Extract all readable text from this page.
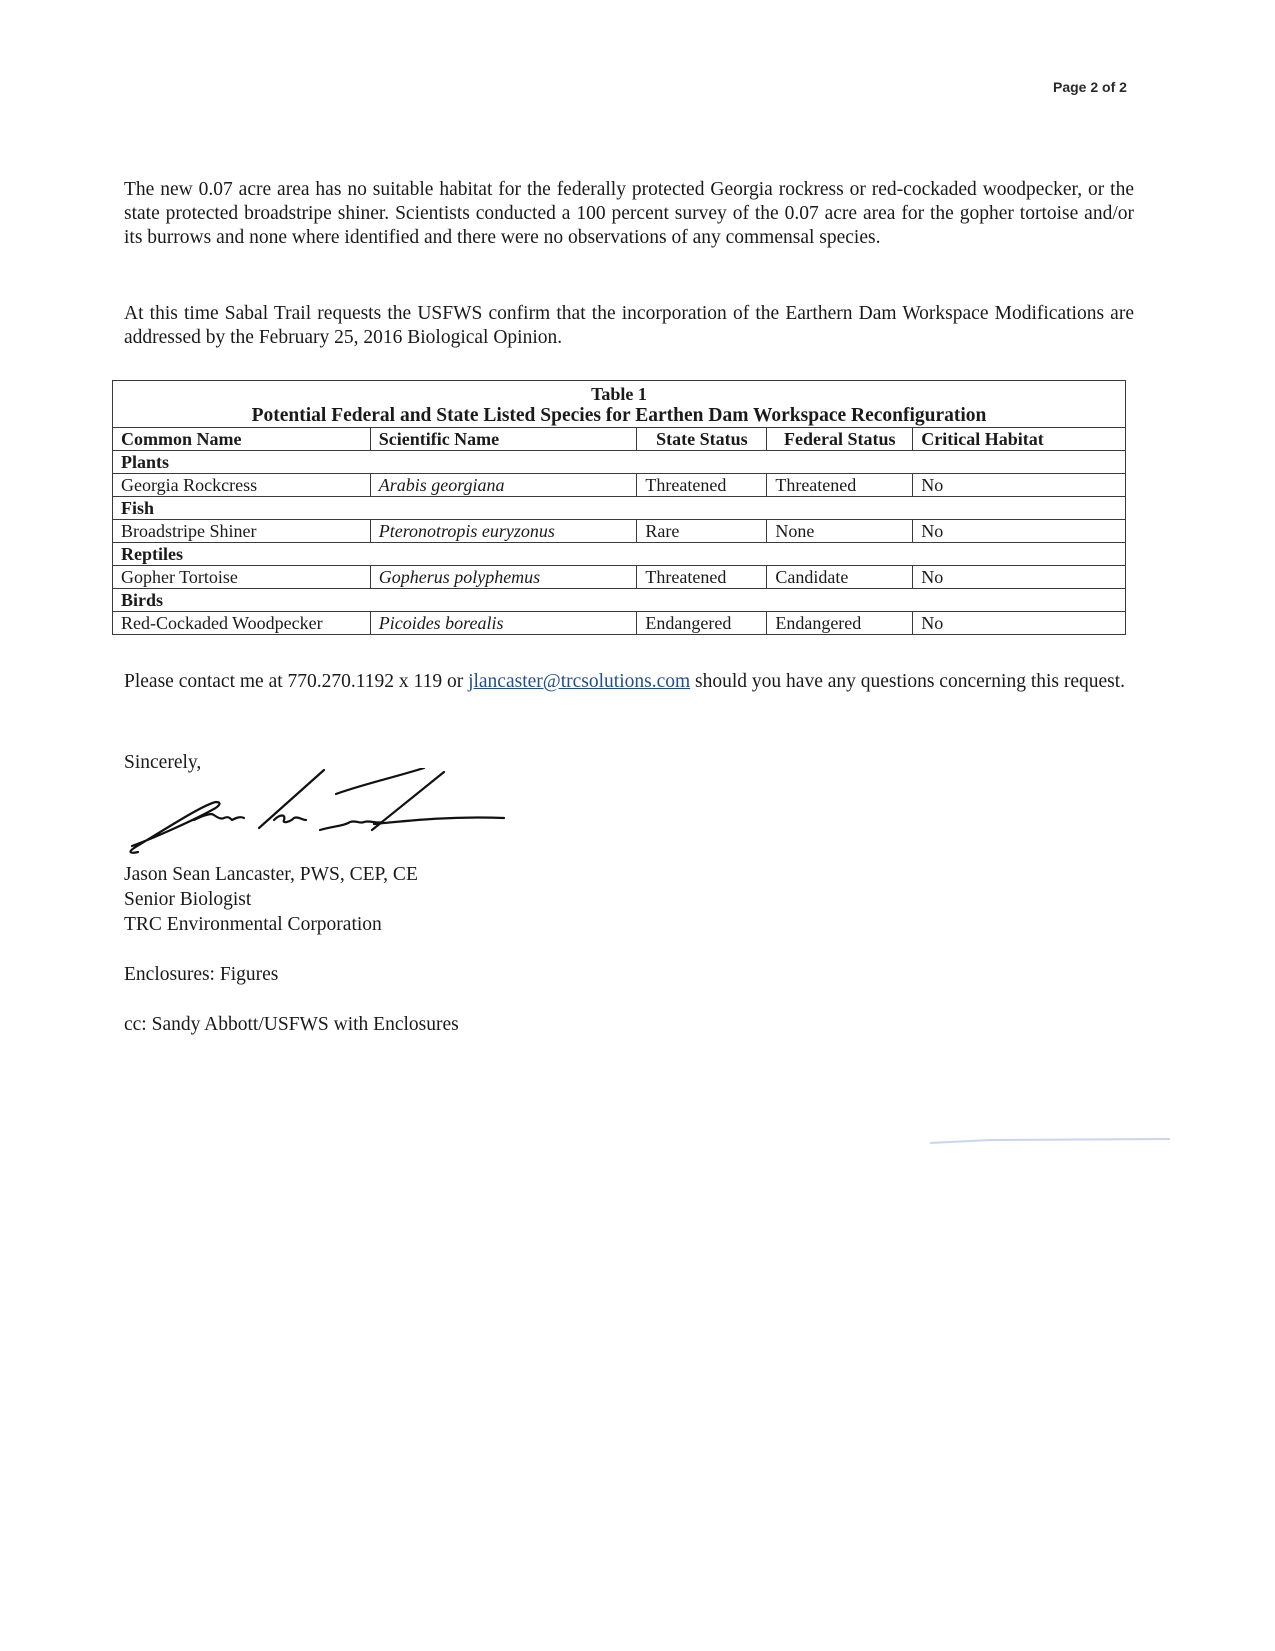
Page 2 of 2

The new 0.07 acre area has no suitable habitat for the federally protected Georgia rockress or red-cockaded woodpecker, or the state protected broadstripe shiner. Scientists conducted a 100 percent survey of the 0.07 acre area for the gopher tortoise and/or its burrows and none where identified and there were no observations of any commensal species.

At this time Sabal Trail requests the USFWS confirm that the incorporation of the Earthern Dam Workspace Modifications are addressed by the February 25, 2016 Biological Opinion.

Table 1
Potential Federal and State Listed Species for Earthen Dam Workspace Reconfiguration				

Common Name	Scientific Name	State Status	Federal Status	Critical Habitat
Plants				
Georgia Rockcress	Arabis georgiana	Threatened	Threatened	No
Fish				
Broadstripe Shiner	Pteronotropis euryzonus	Rare	None	No
Reptiles				
Gopher Tortoise	Gopherus polyphemus	Threatened	Candidate	No
Birds				
Red-Cockaded Woodpecker	Picoides borealis	Endangered	Endangered	No

Please contact me at 770.270.1192 x 119 or jlancaster@trcsolutions.com should you have any questions concerning this request.

Sincerely,

Jason Sean Lancaster, PWS, CEP, CE
Senior Biologist
TRC Environmental Corporation

Enclosures: Figures

cc: Sandy Abbott/USFWS with Enclosures
